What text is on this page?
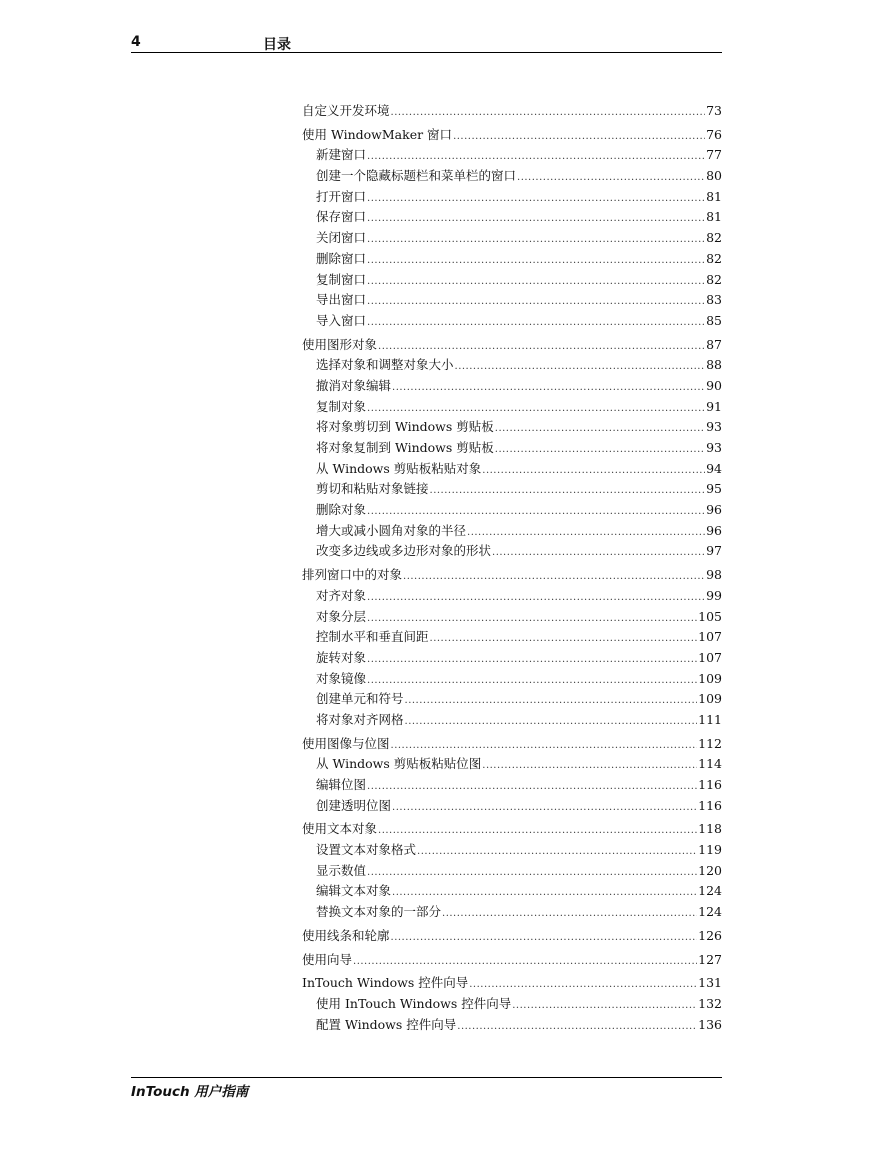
4	目录
自定义开发环境 .....	73
使用 WindowMaker 窗口 .....	76
新建窗口 .....	77
创建一个隐藏标题栏和菜单栏的窗口 .....	80
打开窗口 .....	81
保存窗口 .....	81
关闭窗口 .....	82
删除窗口 .....	82
复制窗口 .....	82
导出窗口 .....	83
导入窗口 .....	85
使用图形对象 .....	87
选择对象和调整对象大小 .....	88
撤消对象编辑 .....	90
复制对象 .....	91
将对象剪切到 Windows 剪贴板 .....	93
将对象复制到 Windows 剪贴板 .....	93
从 Windows 剪贴板粘贴对象 .....	94
剪切和粘贴对象链接 .....	95
删除对象 .....	96
增大或减小圆角对象的半径 .....	96
改变多边线或多边形对象的形状 .....	97
排列窗口中的对象 .....	98
对齐对象 .....	99
对象分层 .....	105
控制水平和垂直间距 .....	107
旋转对象 .....	107
对象镜像 .....	109
创建单元和符号 .....	109
将对象对齐网格 .....	111
使用图像与位图 .....	112
从 Windows 剪贴板粘贴位图 .....	114
编辑位图 .....	116
创建透明位图 .....	116
使用文本对象 .....	118
设置文本对象格式 .....	119
显示数值 .....	120
编辑文本对象 .....	124
替换文本对象的一部分 .....	124
使用线条和轮廓 .....	126
使用向导 .....	127
InTouch Windows 控件向导 .....	131
使用 InTouch Windows 控件向导 .....	132
配置 Windows 控件向导 .....	136
InTouch 用户指南
